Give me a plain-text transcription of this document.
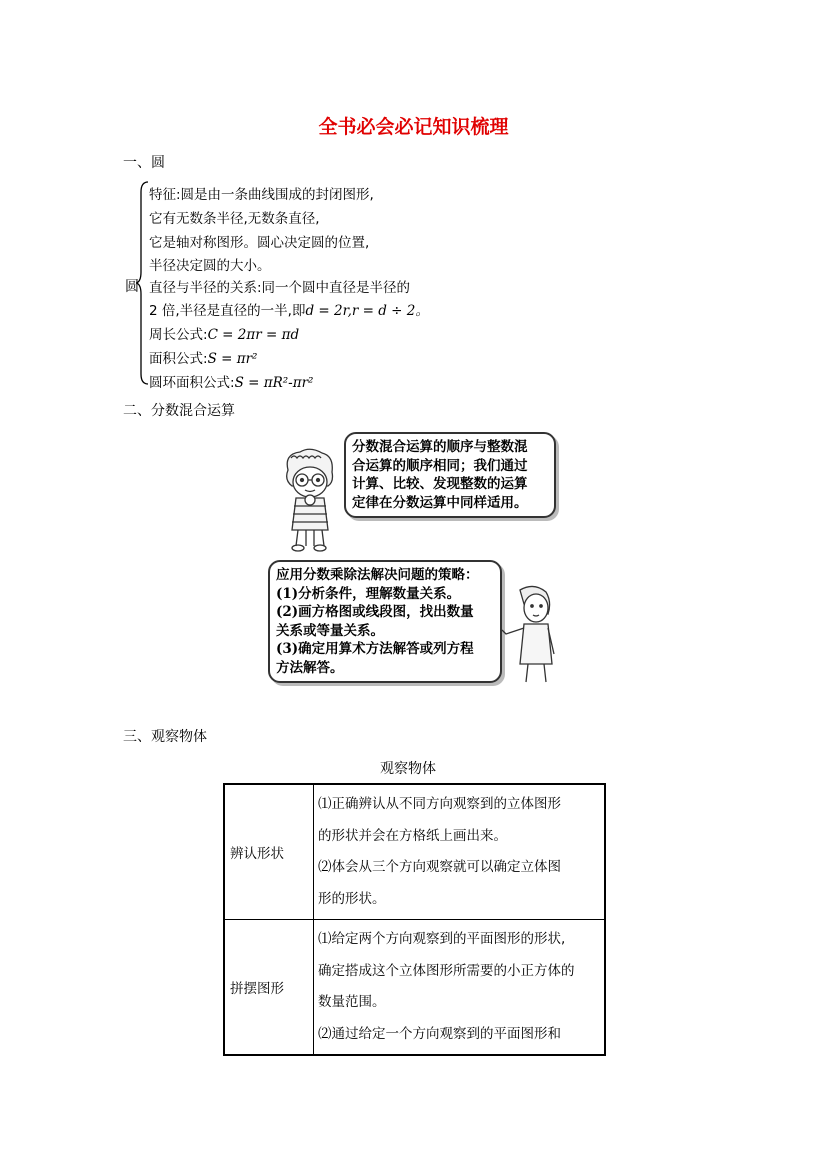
全书必会必记知识梳理
一、圆
圆
特征:圆是由一条曲线围成的封闭图形,
它有无数条半径,无数条直径,
它是轴对称图形。圆心决定圆的位置,
半径决定圆的大小。
直径与半径的关系:同一个圆中直径是半径的
2 倍,半径是直径的一半,即d = 2r,r = d ÷ 2。
周长公式:C = 2πr = πd
面积公式:S = πr²
圆环面积公式:S = πR²-πr²
二、分数混合运算

分数混合运算的顺序与整数混

合运算的顺序相同；我们通过

计算、比较、发现整数的运算

定律在分数运算中同样适用。

应用分数乘除法解决问题的策略：

(1)分析条件，理解数量关系。

(2)画方格图或线段图，找出数量

关系或等量关系。

(3)确定用算术方法解答或列方程

方法解答。

三、观察物体
观察物体
辨认形状	⑴正确辨认从不同方向观察到的立体图形
的形状并会在方格纸上画出来。
⑵体会从三个方向观察就可以确定立体图
形的形状。

拼摆图形	⑴给定两个方向观察到的平面图形的形状,
确定搭成这个立体图形所需要的小正方体的
数量范围。
⑵通过给定一个方向观察到的平面图形和
